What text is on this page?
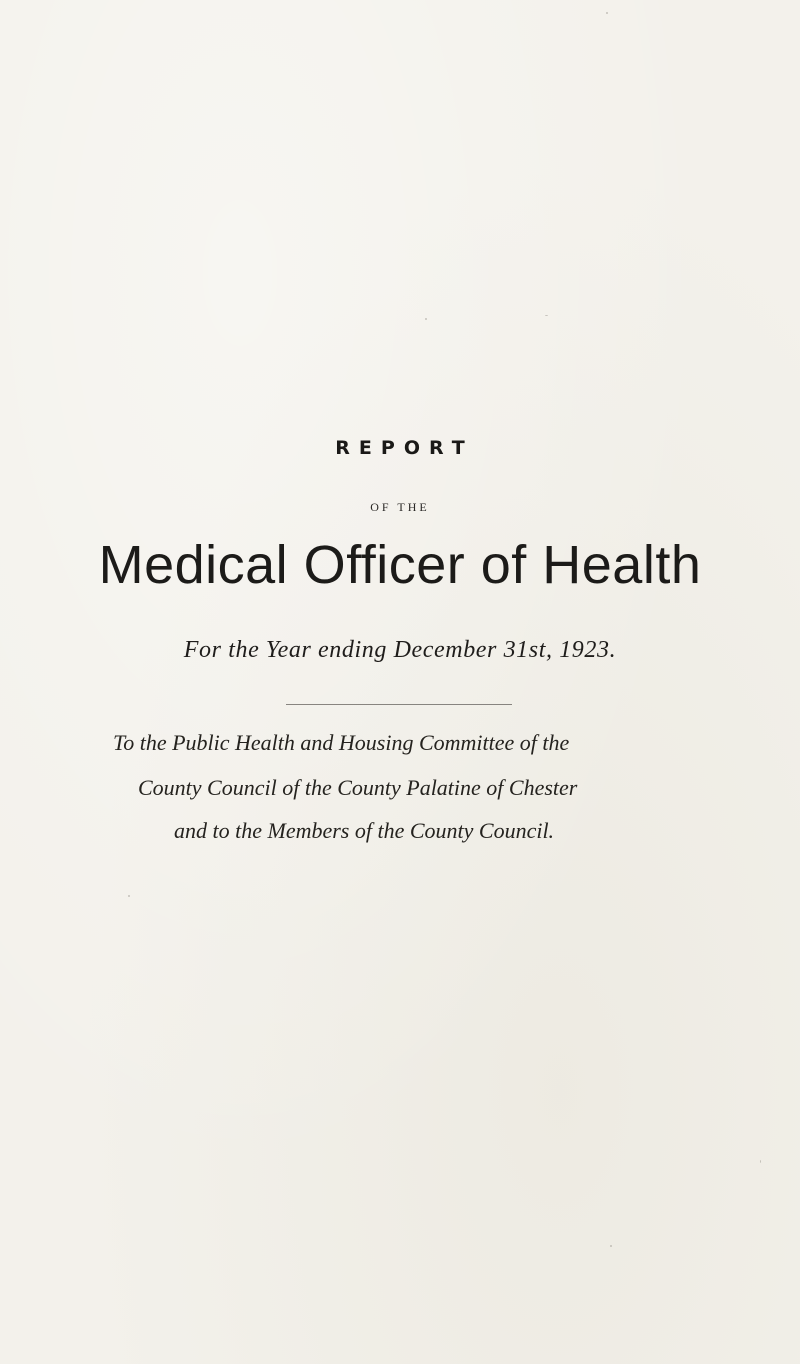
REPORT
OF THE
Medical Officer of Health
For the Year ending December 31st, 1923.
To the Public Health and Housing Committee of the
County Council of the County Palatine of Chester
and to the Members of the County Council.
